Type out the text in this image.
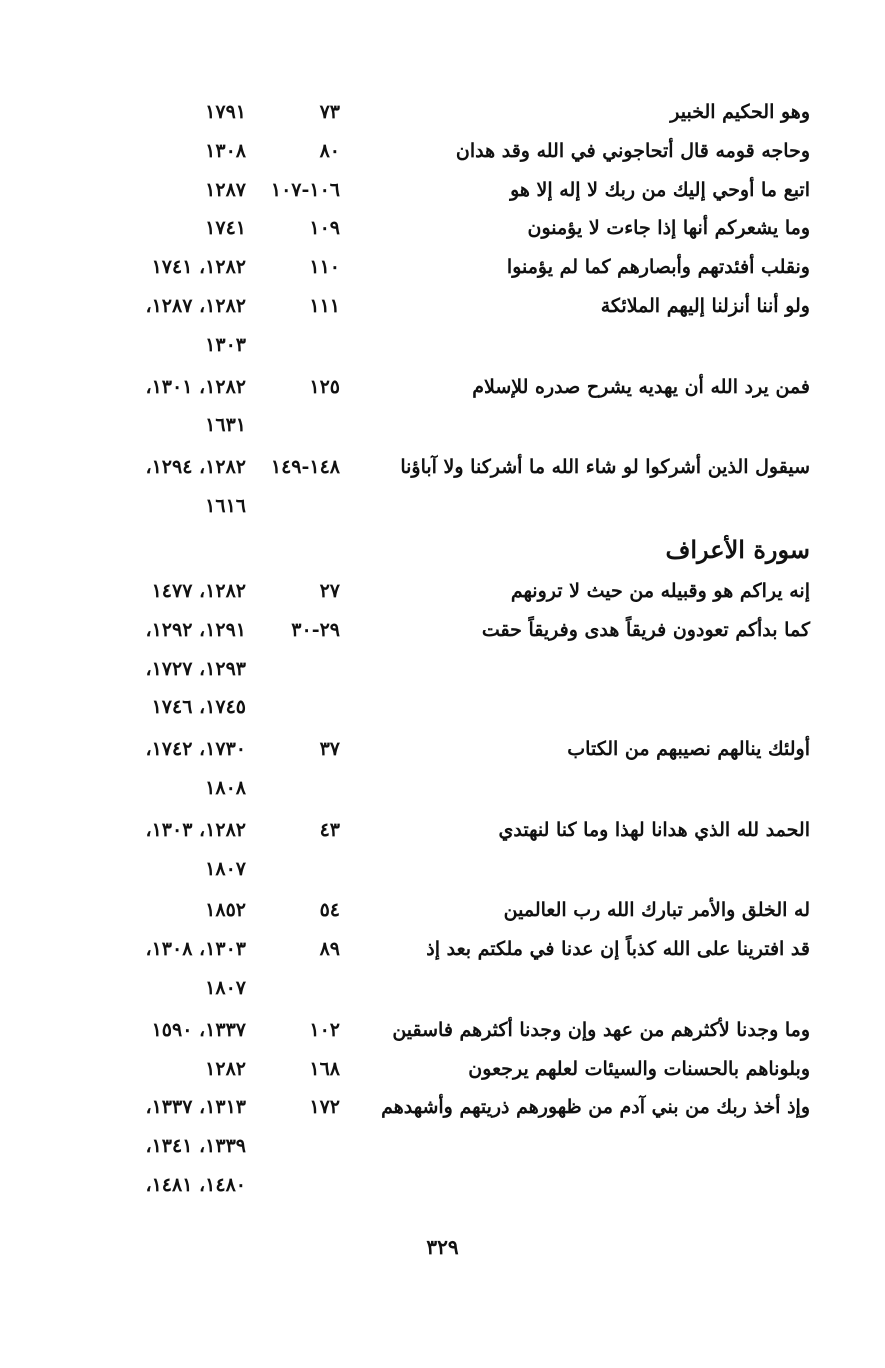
وهو الحكيم الخبير
٧٣
١٧٩١
وحاجه قومه قال أتحاجوني في الله وقد هدان
٨٠
١٣٠٨
اتبع ما أوحي إليك من ربك لا إله إلا هو
١٠٦-١٠٧
١٢٨٧
وما يشعركم أنها إذا جاءت لا يؤمنون
١٠٩
١٧٤١
ونقلب أفئدتهم وأبصارهم كما لم يؤمنوا
١١٠
١٢٨٢، ١٧٤١
ولو أننا أنزلنا إليهم الملائكة
١١١
١٢٨٢، ١٢٨٧،
١٣٠٣
فمن يرد الله أن يهديه يشرح صدره للإسلام
١٢٥
١٢٨٢، ١٣٠١،
١٦٣١
سيقول الذين أشركوا لو شاء الله ما أشركنا ولا آباؤنا
١٤٨-١٤٩
١٢٨٢، ١٢٩٤،
١٦١٦
سورة الأعراف
إنه يراكم هو وقبيله من حيث لا ترونهم
٢٧
١٢٨٢، ١٤٧٧
كما بدأكم تعودون فريقاً هدى وفريقاً حقت
٢٩-٣٠
١٢٩١، ١٢٩٢،
١٢٩٣، ١٧٢٧،
١٧٤٥، ١٧٤٦
أولئك ينالهم نصيبهم من الكتاب
٣٧
١٧٣٠، ١٧٤٢،
١٨٠٨
الحمد لله الذي هدانا لهذا وما كنا لنهتدي
٤٣
١٢٨٢، ١٣٠٣،
١٨٠٧
له الخلق والأمر تبارك الله رب العالمين
٥٤
١٨٥٢
قد افترينا على الله كذباً إن عدنا في ملكتم بعد إذ
٨٩
١٣٠٣، ١٣٠٨،
١٨٠٧
وما وجدنا لأكثرهم من عهد وإن وجدنا أكثرهم فاسقين
١٠٢
١٣٣٧، ١٥٩٠
وبلوناهم بالحسنات والسيئات لعلهم يرجعون
١٦٨
١٢٨٢
وإذ أخذ ربك من بني آدم من ظهورهم ذريتهم وأشهدهم
١٧٢
١٣١٣، ١٣٣٧،
١٣٣٩، ١٣٤١،
١٤٨٠، ١٤٨١،
٣٢٩
